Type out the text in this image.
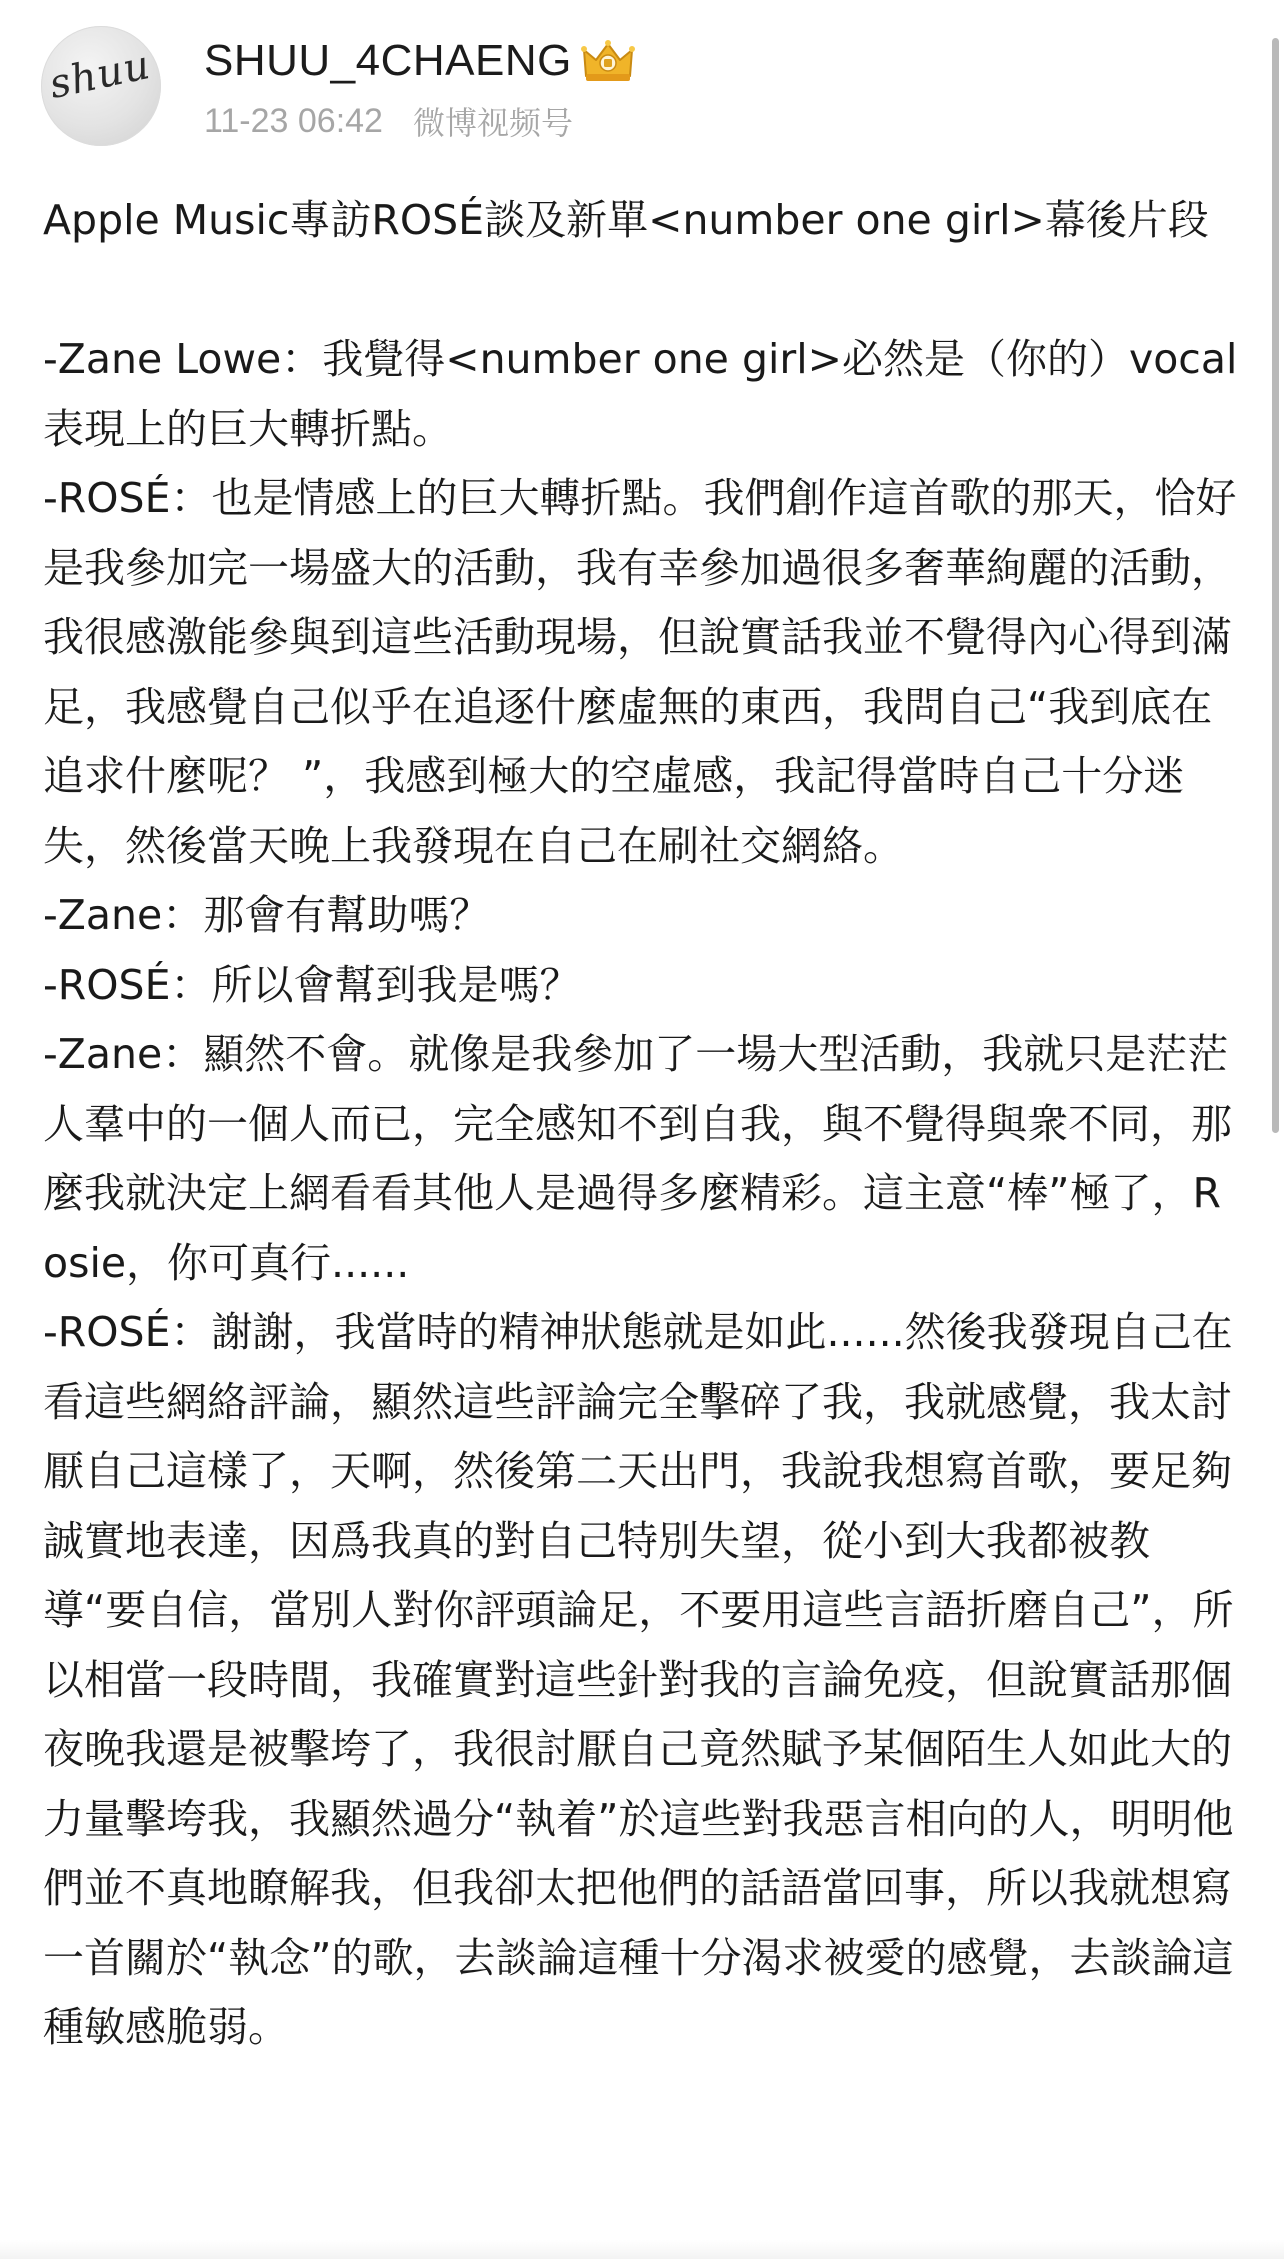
shuu SHUU_4CHAENG
11-23 06:42 微博视频号

Apple Music專訪ROSÉ談及新單<number one girl>幕後片段

-Zane Lowe：我覺得<number one girl>必然是（你的）vocal表現上的巨大轉折點。

-ROSÉ：也是情感上的巨大轉折點。我們創作這首歌的那天，恰好是我參加完一場盛大的活動，我有幸參加過很多奢華絢麗的活動，我很感激能參與到這些活動現場，但說實話我並不覺得內心得到滿足，我感覺自己似乎在追逐什麼虛無的東西，我問自己“我到底在追求什麼呢？ ”，我感到極大的空虛感，我記得當時自己十分迷失，然後當天晚上我發現在自己在刷社交網絡。

-Zane：那會有幫助嗎？

-ROSÉ：所以會幫到我是嗎？

-Zane：顯然不會。就像是我參加了一場大型活動，我就只是茫茫人羣中的一個人而已，完全感知不到自我，與不覺得與衆不同，那麼我就決定上網看看其他人是過得多麼精彩。這主意“棒”極了，Rosie，你可真行......

-ROSÉ：謝謝，我當時的精神狀態就是如此......然後我發現自己在看這些網絡評論，顯然這些評論完全擊碎了我，我就感覺，我太討厭自己這樣了，天啊，然後第二天出門，我說我想寫首歌，要足夠誠實地表達，因爲我真的對自己特別失望，從小到大我都被教導“要自信，當別人對你評頭論足，不要用這些言語折磨自己”，所以相當一段時間，我確實對這些針對我的言論免疫，但說實話那個夜晚我還是被擊垮了，我很討厭自己竟然賦予某個陌生人如此大的力量擊垮我，我顯然過分“執着”於這些對我惡言相向的人，明明他們並不真地瞭解我，但我卻太把他們的話語當回事，所以我就想寫一首關於“執念”的歌，去談論這種十分渴求被愛的感覺，去談論這種敏感脆弱。
